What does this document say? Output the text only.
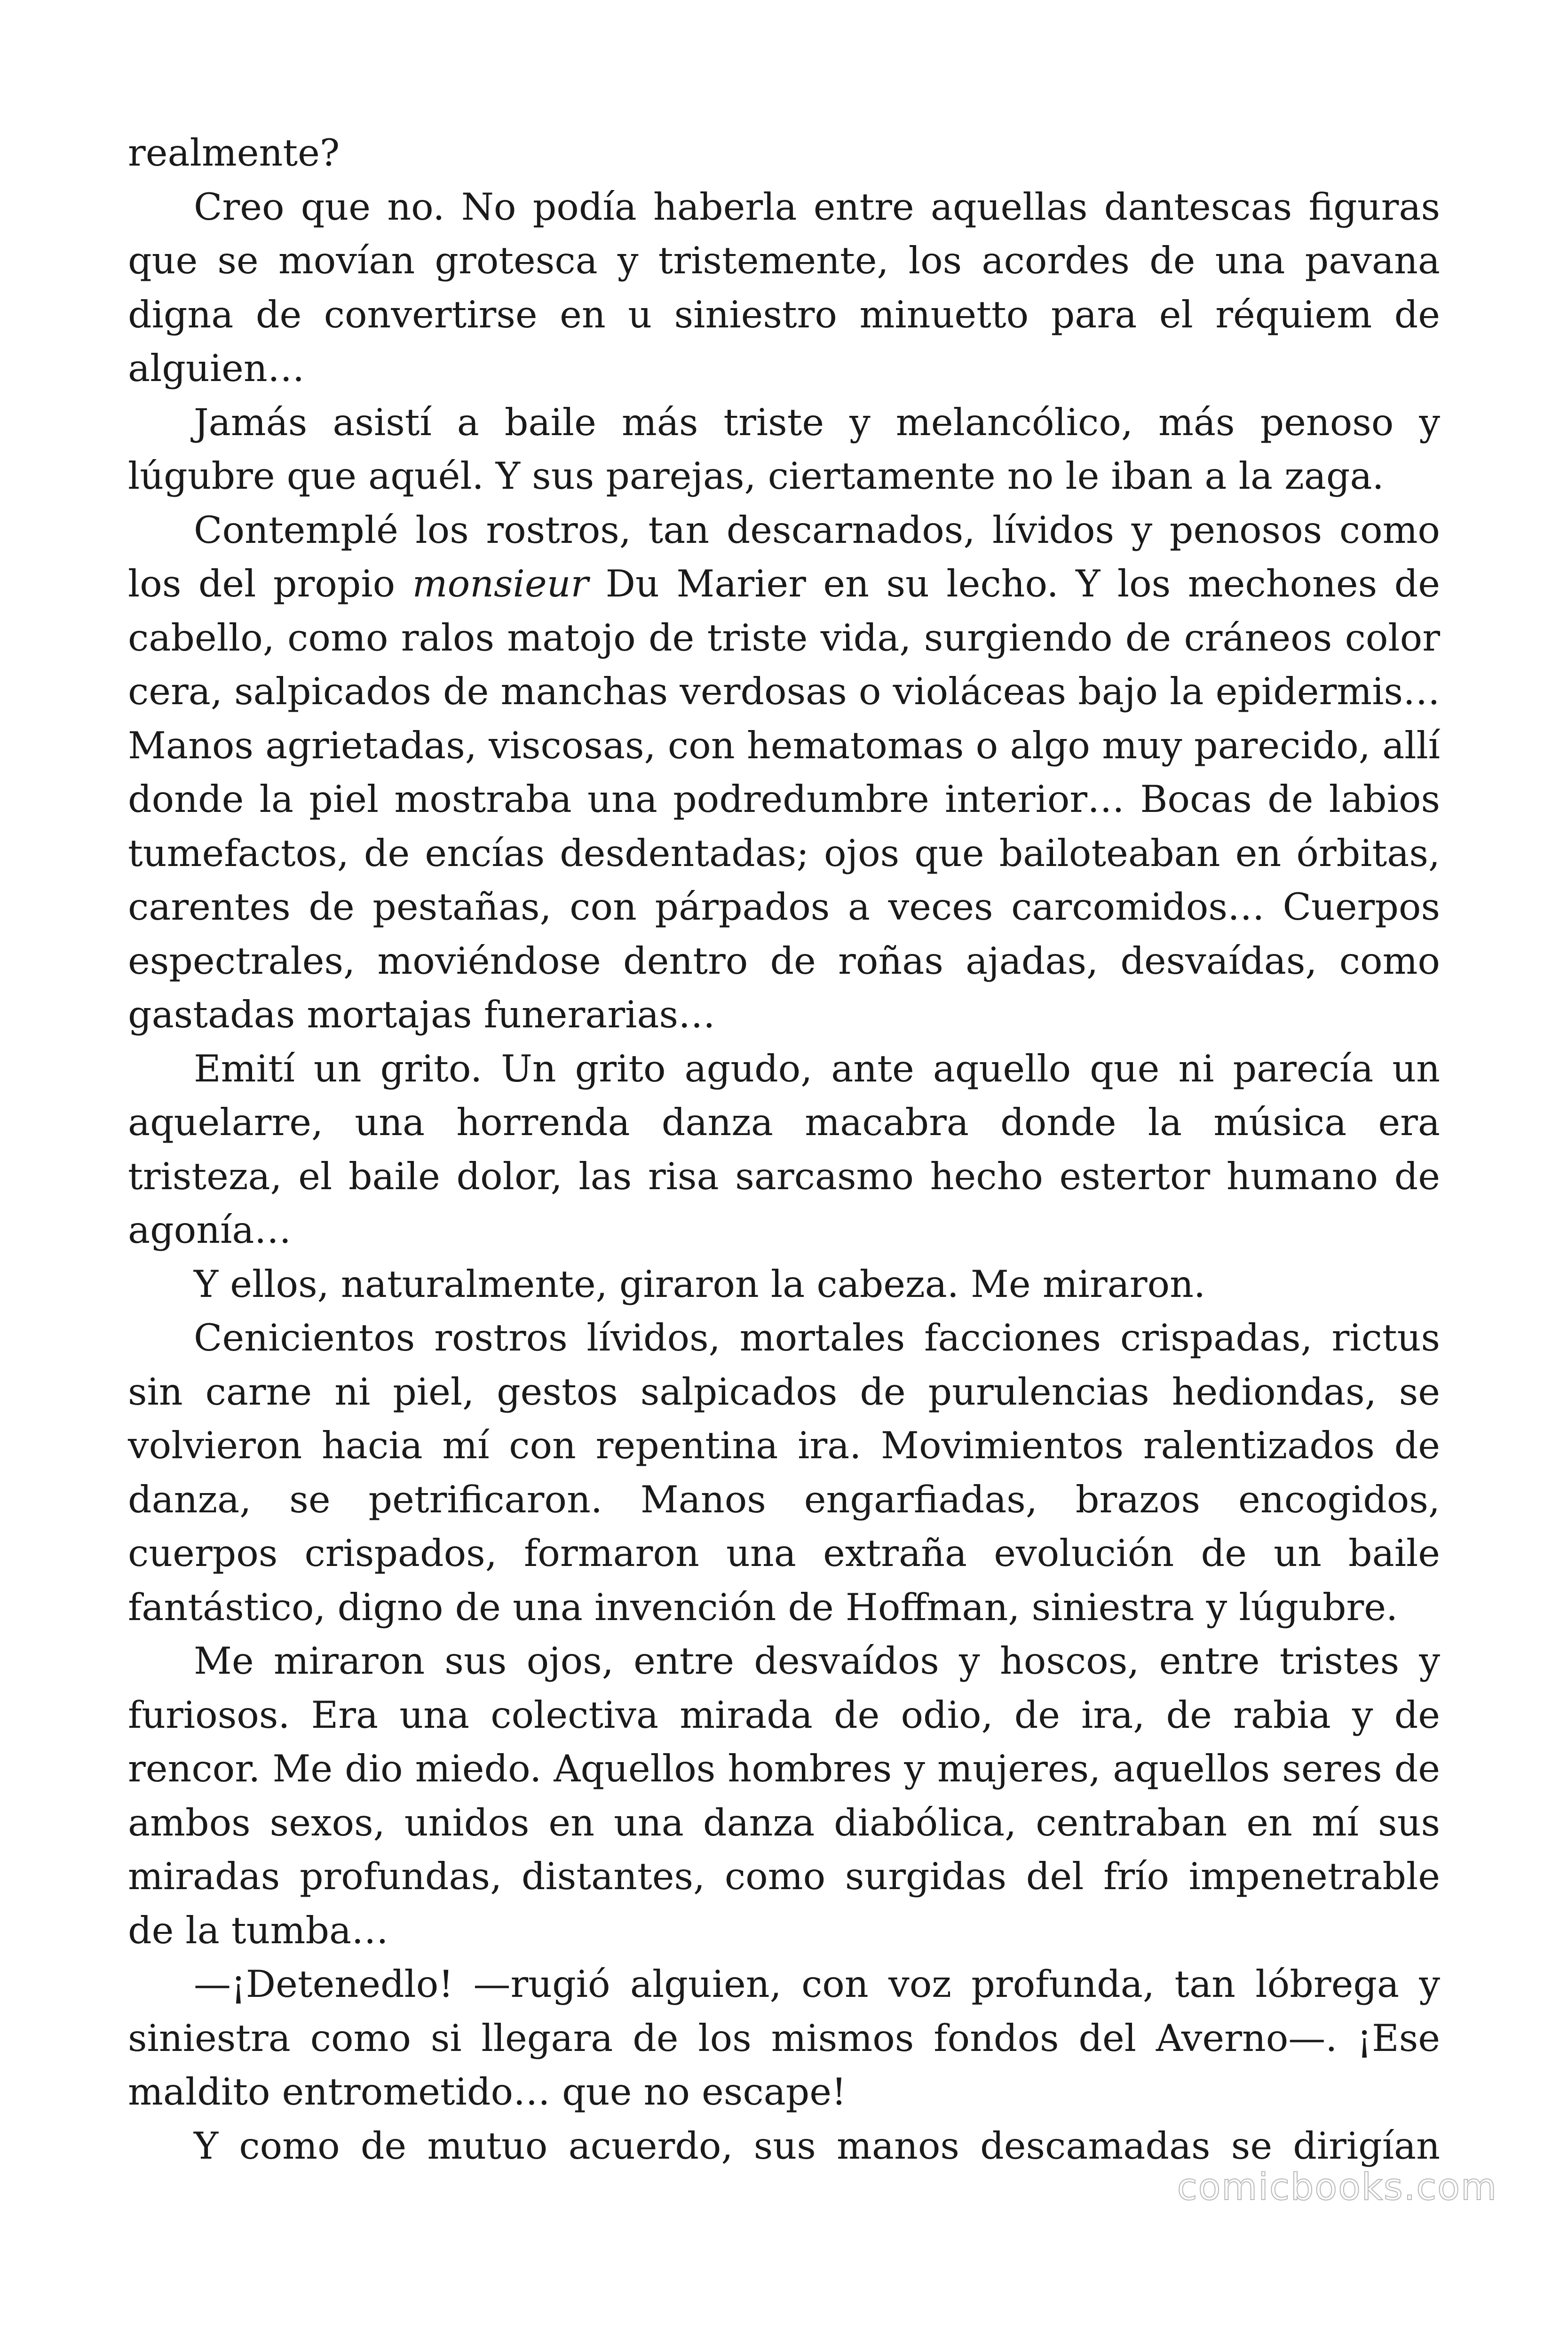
realmente?

Creo que no. No podía haberla entre aquellas dantescas figuras que se movían grotesca y tristemente, los acordes de una pavana digna de convertirse en u siniestro minuetto para el réquiem de alguien…

Jamás asistí a baile más triste y melancólico, más penoso y lúgubre que aquél. Y sus parejas, ciertamente no le iban a la zaga.

Contemplé los rostros, tan descarnados, lívidos y penosos como los del propio monsieur Du Marier en su lecho. Y los mechones de cabello, como ralos matojo de triste vida, surgiendo de cráneos color cera, salpicados de manchas verdosas o violáceas bajo la epidermis… Manos agrietadas, viscosas, con hematomas o algo muy parecido, allí donde la piel mostraba una podredumbre interior… Bocas de labios tumefactos, de encías desdentadas; ojos que bailoteaban en órbitas, carentes de pestañas, con párpados a veces carcomidos… Cuerpos espectrales, moviéndose dentro de roñas ajadas, desvaídas, como gastadas mortajas funerarias…

Emití un grito. Un grito agudo, ante aquello que ni parecía un aquelarre, una horrenda danza macabra donde la música era tristeza, el baile dolor, las risa sarcasmo hecho estertor humano de agonía…

Y ellos, naturalmente, giraron la cabeza. Me miraron.

Cenicientos rostros lívidos, mortales facciones crispadas, rictus sin carne ni piel, gestos salpicados de purulencias hediondas, se volvieron hacia mí con repentina ira. Movimientos ralentizados de danza, se petrificaron. Manos engarfiadas, brazos encogidos, cuerpos crispados, formaron una extraña evolución de un baile fantástico, digno de una invención de Hoffman, siniestra y lúgubre.

Me miraron sus ojos, entre desvaídos y hoscos, entre tristes y furiosos. Era una colectiva mirada de odio, de ira, de rabia y de rencor. Me dio miedo. Aquellos hombres y mujeres, aquellos seres de ambos sexos, unidos en una danza diabólica, centraban en mí sus miradas profundas, distantes, como surgidas del frío impenetrable de la tumba…

—¡Detenedlo! —rugió alguien, con voz profunda, tan lóbrega y siniestra como si llegara de los mismos fondos del Averno—. ¡Ese maldito entrometido… que no escape!

Y como de mutuo acuerdo, sus manos descamadas se dirigían

comicbooks.com
